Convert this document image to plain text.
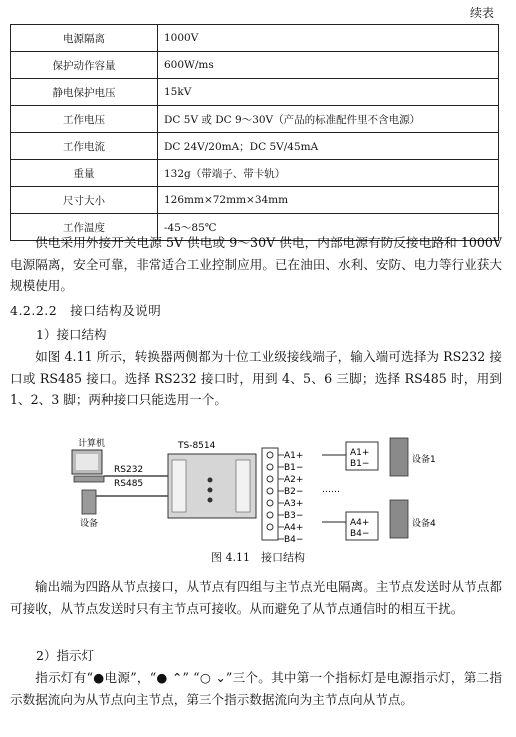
续表
电源隔离	1000V
保护动作容量	600W/ms
静电保护电压	15kV
工作电压	DC 5V 或 DC 9～30V（产品的标准配件里不含电源）
工作电流	DC 24V/20mA；DC 5V/45mA
重量	132g（带端子、带卡轨）
尺寸大小	126mm×72mm×34mm
工作温度	-45～85℃
供电采用外接开关电源 5V 供电或 9～30V 供电，内部电源有防反接电路和 1000V 电源隔离，安全可靠，非常适合工业控制应用。已在油田、水利、安防、电力等行业获大规模使用。
4.2.2.2　接口结构及说明
1）接口结构
如图 4.11 所示，转换器两侧都为十位工业级接线端子，输入端可选择为 RS232 接口或 RS485 接口。选择 RS232 接口时，用到 4、5、6 三脚；选择 RS485 时，用到 1、2、3 脚；两种接口只能选用一个。
计算机
设备
RS232
RS485
TS-8514
A1+
B1−
A2+
B2−
A3+
B3−
A4+
B4−
A1+
B1−	设备1
……
A4+
B4−
设备4
图 4.11　接口结构
输出端为四路从节点接口，从节点有四组与主节点光电隔离。主节点发送时从节点都可接收，从节点发送时只有主节点可接收。从而避免了从节点通信时的相互干扰。
2）指示灯
指示灯有“●电源”，“● ⌃” “○ ⌄”三个。其中第一个指标灯是电源指示灯，第二指示数据流向为从节点向主节点，第三个指示数据流向为主节点向从节点。
